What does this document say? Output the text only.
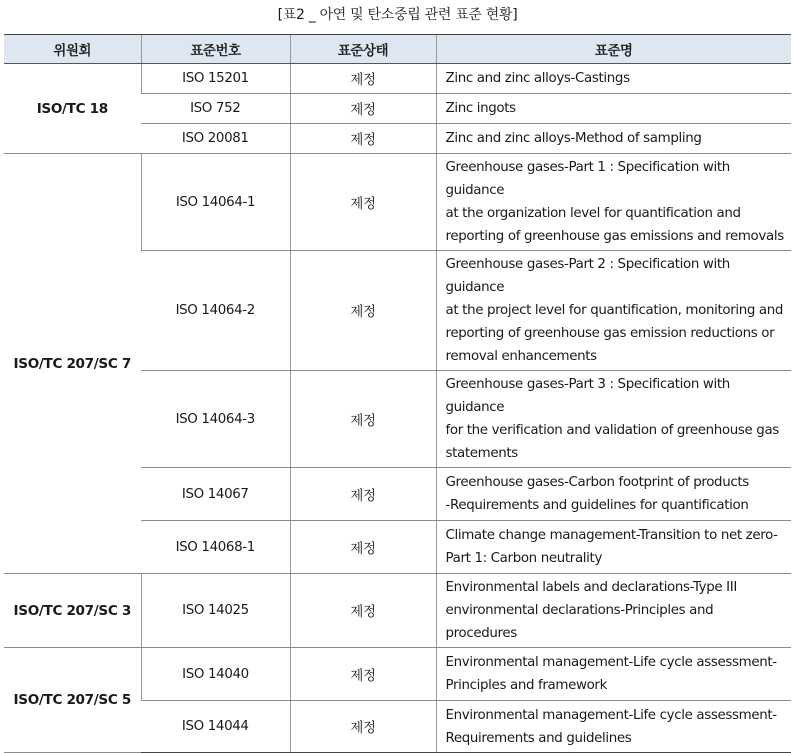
[표2 _ 아연 및 탄소중립 관련 표준 현황]
위원회	표준번호	표준상태	표준명
ISO/TC 18	ISO 15201	제정	Zinc and zinc alloys-Castings

	ISO 752	제정	Zinc ingots

	ISO 20081	제정	Zinc and zinc alloys-Method of sampling

ISO/TC 207/SC 7	ISO 14064-1	제정	Greenhouse gases-Part 1 : Specification with guidance
at the organization level for quantification and
reporting of greenhouse gas emissions and removals

	ISO 14064-2	제정	Greenhouse gases-Part 2 : Specification with guidance
at the project level for quantification, monitoring and
reporting of greenhouse gas emission reductions or
removal enhancements

	ISO 14064-3	제정	Greenhouse gases-Part 3 : Specification with guidance
for the verification and validation of greenhouse gas
statements

	ISO 14067	제정	Greenhouse gases-Carbon footprint of products
-Requirements and guidelines for quantification

	ISO 14068-1	제정	Climate change management-Transition to net zero-
Part 1: Carbon neutrality

ISO/TC 207/SC 3	ISO 14025	제정	Environmental labels and declarations-Type III
environmental declarations-Principles and procedures

ISO/TC 207/SC 5	ISO 14040	제정	Environmental management-Life cycle assessment-
Principles and framework

	ISO 14044	제정	Environmental management-Life cycle assessment-
Requirements and guidelines
